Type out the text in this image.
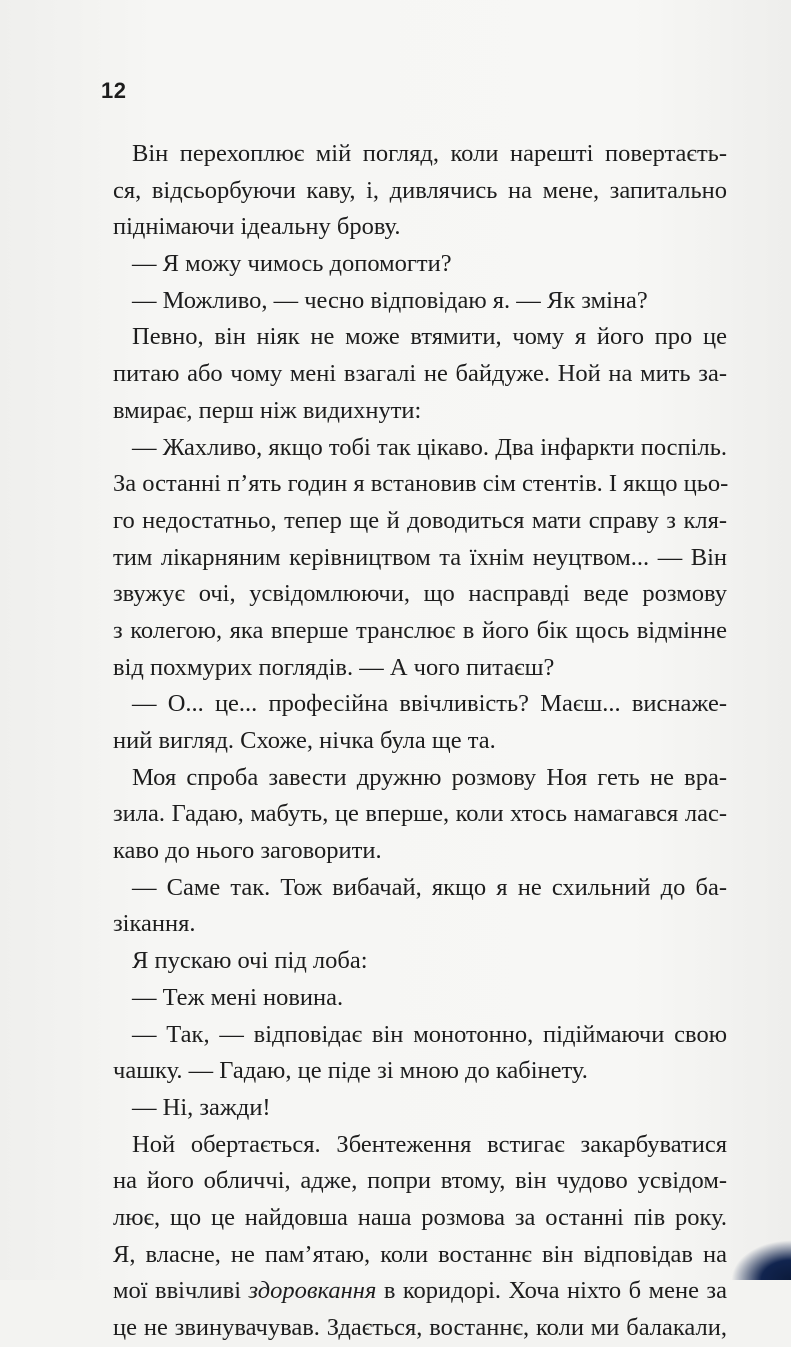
12
Він перехоплює мій погляд, коли нарешті повертаєть-
ся, відсьорбуючи каву, і, дивлячись на мене, запитально
піднімаючи ідеальну брову.
— Я можу чимось допомогти?
— Можливо, — чесно відповідаю я. — Як зміна?
Певно, він ніяк не може втямити, чому я його про це
питаю або чому мені взагалі не байдуже. Ной на мить за-
вмирає, перш ніж видихнути:
— Жахливо, якщо тобі так цікаво. Два інфаркти поспіль.
За останні п’ять годин я встановив сім стентів. І якщо цьо-
го недостатньо, тепер ще й доводиться мати справу з кля-
тим лікарняним керівництвом та їхнім неуцтвом... — Він
звужує очі, усвідомлюючи, що насправді веде розмову
з колегою, яка вперше транслює в його бік щось відмінне
від похмурих поглядів. — А чого питаєш?
— О... це... професійна ввічливість? Маєш... виснаже-
ний вигляд. Схоже, нічка була ще та.
Моя спроба завести дружню розмову Ноя геть не вра-
зила. Гадаю, мабуть, це вперше, коли хтось намагався лас-
каво до нього заговорити.
— Саме так. Тож вибачай, якщо я не схильний до ба-
зікання.
Я пускаю очі під лоба:
— Теж мені новина.
— Так, — відповідає він монотонно, підіймаючи свою
чашку. — Гадаю, це піде зі мною до кабінету.
— Ні, зажди!
Ной обертається. Збентеження встигає закарбуватися
на його обличчі, адже, попри втому, він чудово усвідом-
лює, що це найдовша наша розмова за останні пів року.
Я, власне, не пам’ятаю, коли востаннє він відповідав на
мої ввічливі здоровкання в коридорі. Хоча ніхто б мене за
це не звинувачував. Здається, востаннє, коли ми балакали,
